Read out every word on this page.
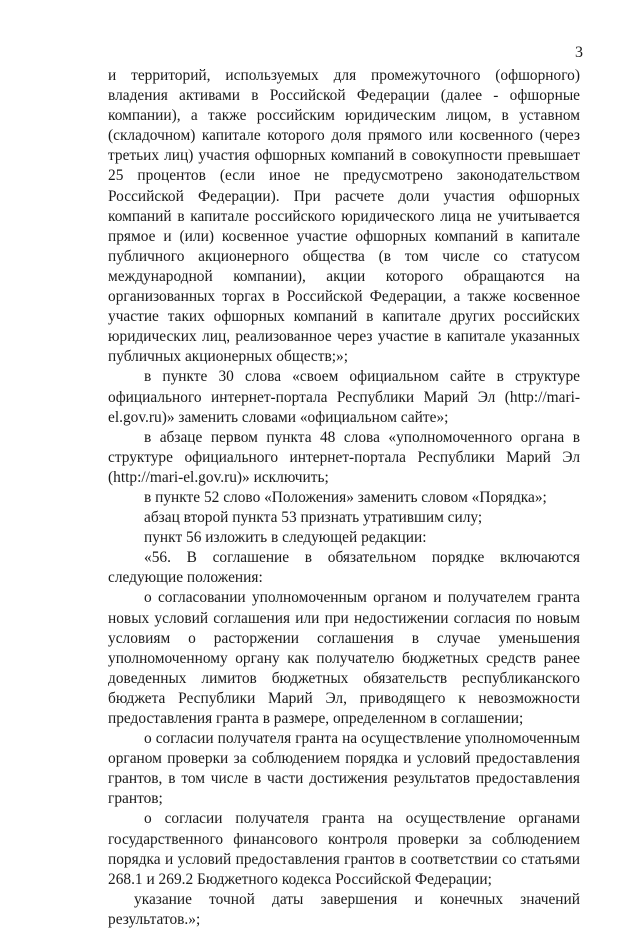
3

и территорий, используемых для промежуточного (офшорного) владения активами в Российской Федерации (далее - офшорные компании), а также российским юридическим лицом, в уставном (складочном) капитале которого доля прямого или косвенного (через третьих лиц) участия офшорных компаний в совокупности превышает 25 процентов (если иное не предусмотрено законодательством Российской Федерации). При расчете доли участия офшорных компаний в капитале российского юридического лица не учитывается прямое и (или) косвенное участие офшорных компаний в капитале публичного акционерного общества (в том числе со статусом международной компании), акции которого обращаются на организованных торгах в Российской Федерации, а также косвенное участие таких офшорных компаний в капитале других российских юридических лиц, реализованное через участие в капитале указанных публичных акционерных обществ;»;

в пункте 30 слова «своем официальном сайте в структуре официального интернет-портала Республики Марий Эл (http://mari-el.gov.ru)» заменить словами «официальном сайте»;

в абзаце первом пункта 48 слова «уполномоченного органа в структуре официального интернет-портала Республики Марий Эл (http://mari-el.gov.ru)» исключить;

в пункте 52 слово «Положения» заменить словом «Порядка»;

абзац второй пункта 53 признать утратившим силу;

пункт 56 изложить в следующей редакции:

«56. В соглашение в обязательном порядке включаются следующие положения:

о согласовании уполномоченным органом и получателем гранта новых условий соглашения или при недостижении согласия по новым условиям о расторжении соглашения в случае уменьшения уполномоченному органу как получателю бюджетных средств ранее доведенных лимитов бюджетных обязательств республиканского бюджета Республики Марий Эл, приводящего к невозможности предоставления гранта в размере, определенном в соглашении;

о согласии получателя гранта на осуществление уполномоченным органом проверки за соблюдением порядка и условий предоставления грантов, в том числе в части достижения результатов предоставления грантов;

о согласии получателя гранта на осуществление органами государственного финансового контроля проверки за соблюдением порядка и условий предоставления грантов в соответствии со статьями 268.1 и 269.2 Бюджетного кодекса Российской Федерации;

указание точной даты завершения и конечных значений результатов.»;
